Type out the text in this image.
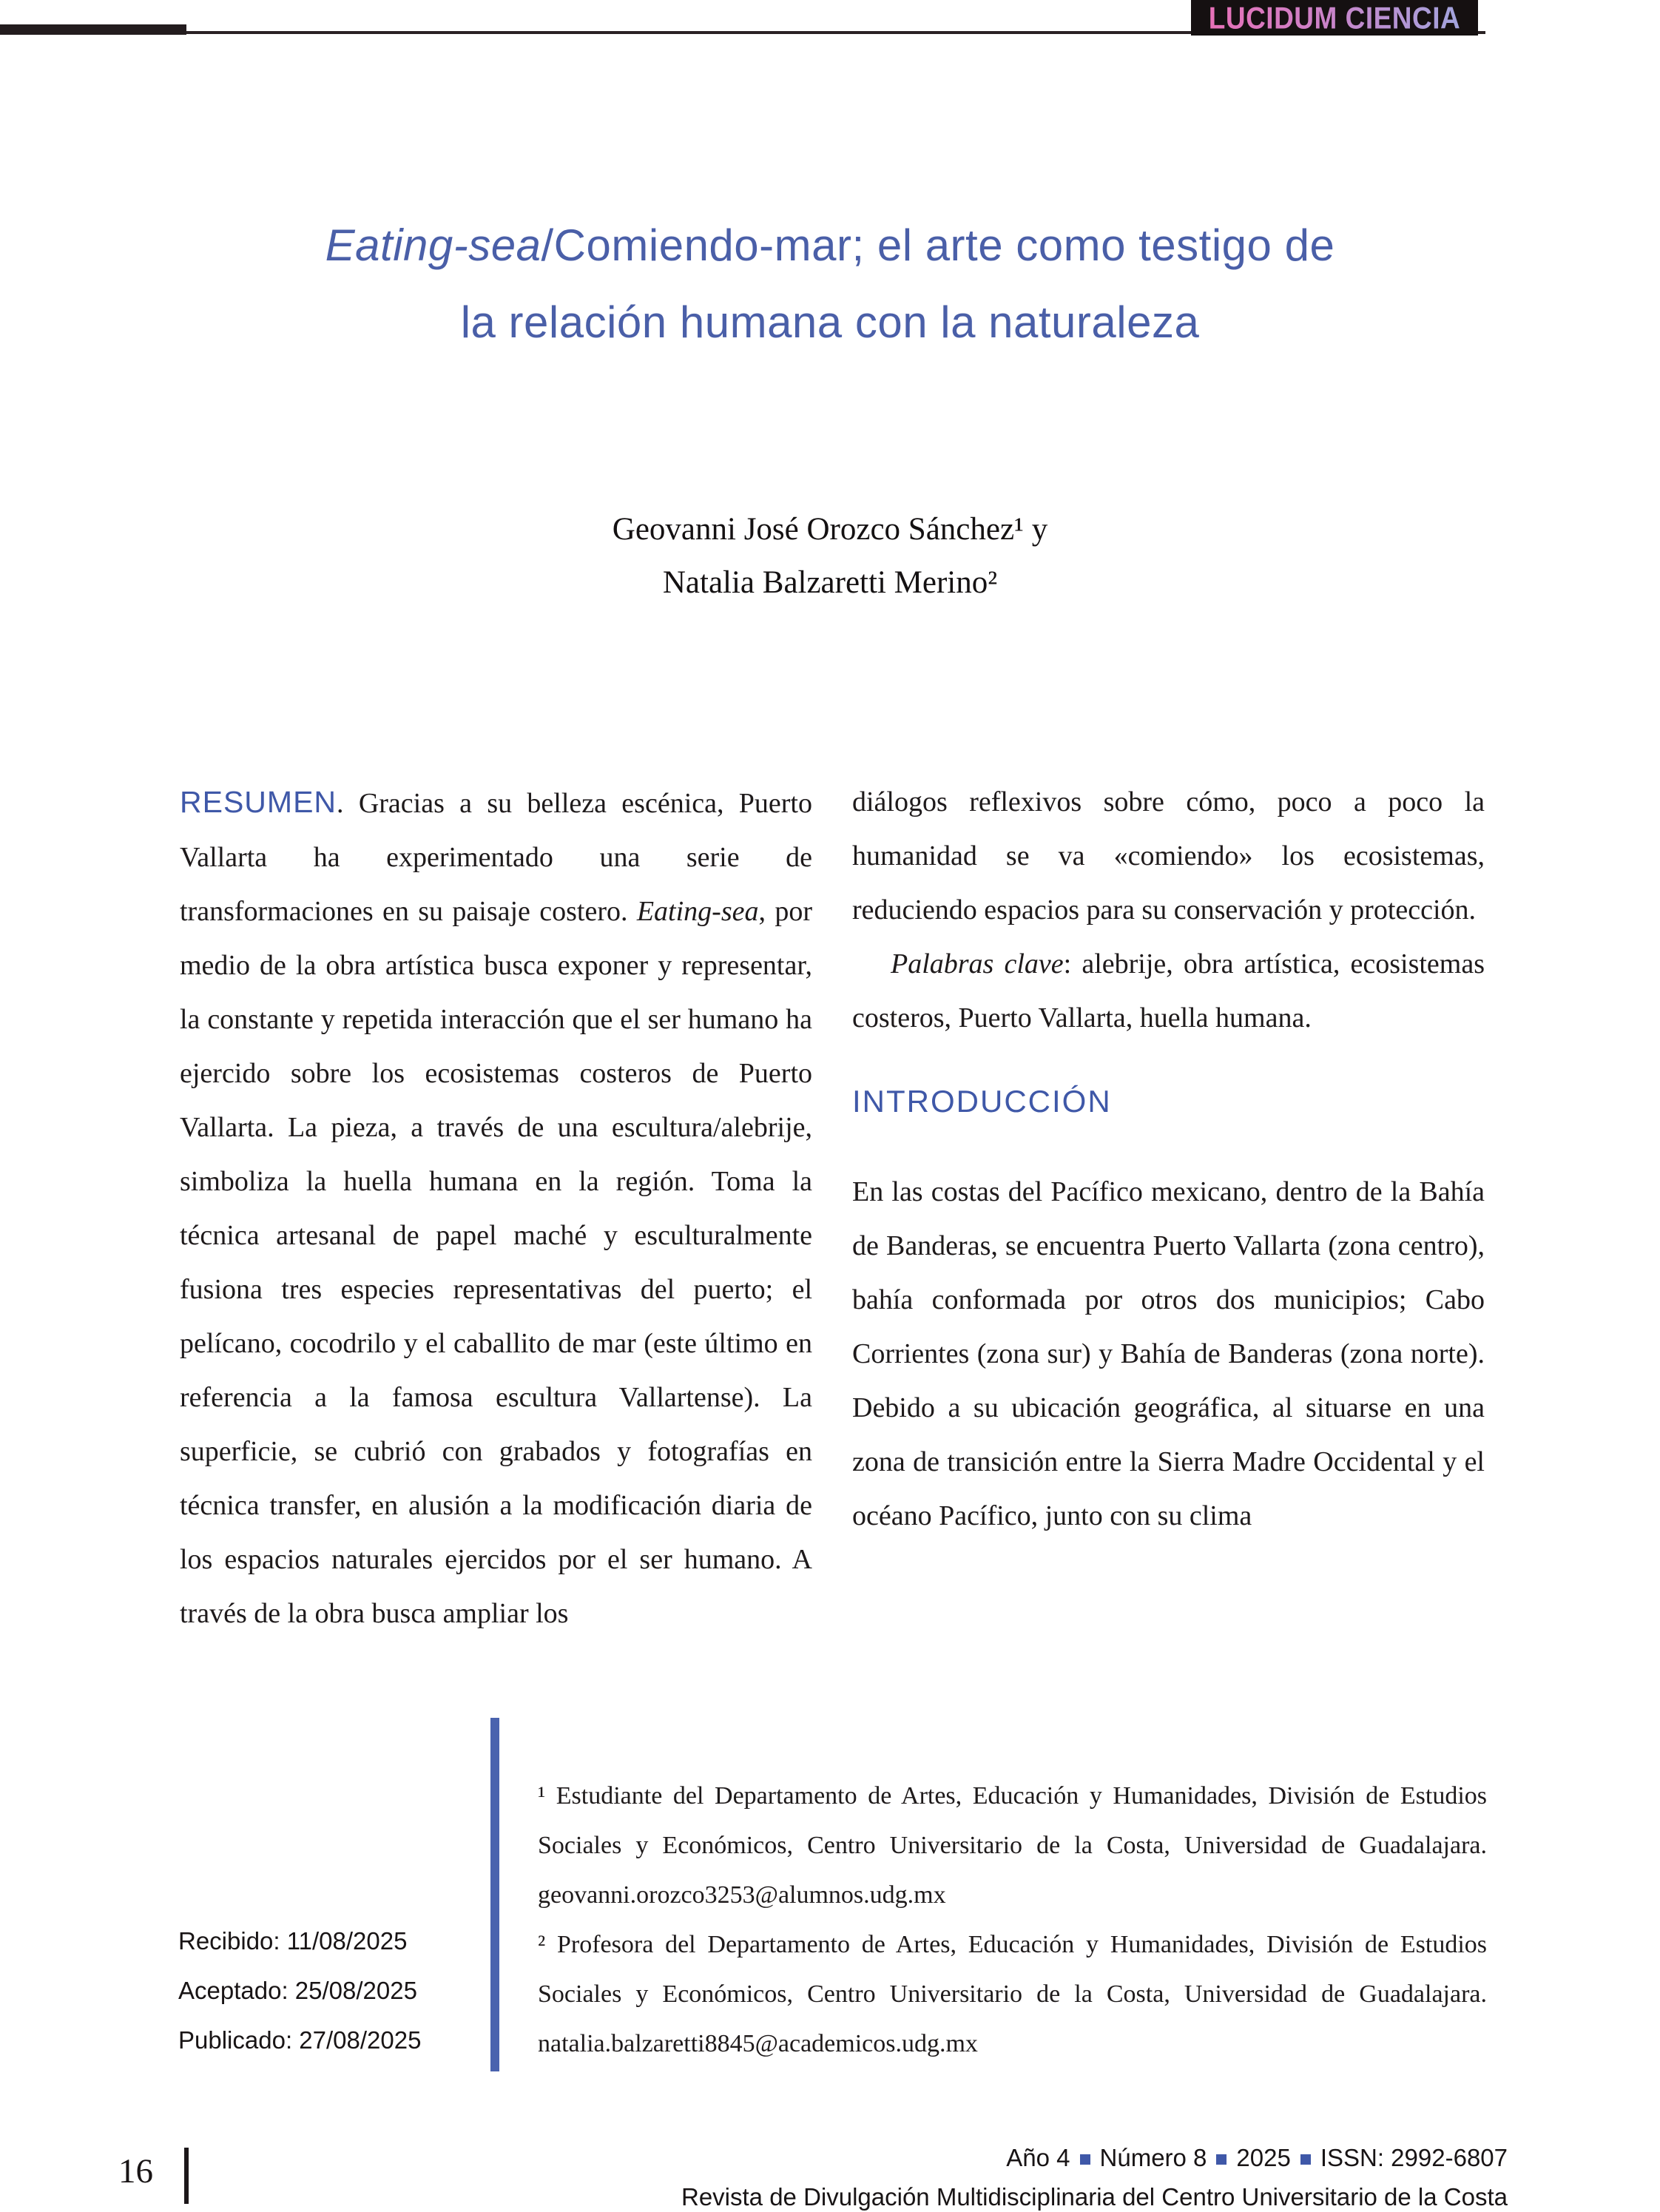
LUCIDUM CIENCIA
Eating-sea/Comiendo-mar; el arte como testigo de
la relación humana con la naturaleza
Geovanni José Orozco Sánchez¹ y
Natalia Balzaretti Merino²

RESUMEN. Gracias a su belleza escénica, Puerto Vallarta ha experimentado una serie de transformaciones en su paisaje costero. Eating-sea, por medio de la obra artística busca exponer y representar, la constante y repetida interacción que el ser humano ha ejercido sobre los ecosistemas costeros de Puerto Vallarta. La pieza, a través de una escultura/alebrije, simboliza la huella humana en la región. Toma la técnica artesanal de papel maché y esculturalmente fusiona tres especies representativas del puerto; el pelícano, cocodrilo y el caballito de mar (este último en referencia a la famosa escultura Vallartense). La superficie, se cubrió con grabados y fotografías en técnica transfer, en alusión a la modificación diaria de los espacios naturales ejercidos por el ser humano. A través de la obra busca ampliar los

diálogos reflexivos sobre cómo, poco a poco la humanidad se va «comiendo» los ecosistemas, reduciendo espacios para su conservación y protección.

Palabras clave: alebrije, obra artística, ecosistemas costeros, Puerto Vallarta, huella humana.

INTRODUCCIÓN

En las costas del Pacífico mexicano, dentro de la Bahía de Banderas, se encuentra Puerto Vallarta (zona centro), bahía conformada por otros dos municipios; Cabo Corrientes (zona sur) y Bahía de Banderas (zona norte). Debido a su ubicación geográfica, al situarse en una zona de transición entre la Sierra Madre Occidental y el océano Pacífico, junto con su clima

Recibido: 11/08/2025
Aceptado: 25/08/2025
Publicado: 27/08/2025

¹ Estudiante del Departamento de Artes, Educación y Humanidades, División de Estudios Sociales y Económicos, Centro Universitario de la Costa, Universidad de Guadalajara. geovanni.orozco3253@alumnos.udg.mx

² Profesora del Departamento de Artes, Educación y Humanidades, División de Estudios Sociales y Económicos, Centro Universitario de la Costa, Universidad de Guadalajara. natalia.balzaretti8845@academicos.udg.mx

16	Año 4 Número 8 2025 ISSN: 2992-6807
Revista de Divulgación Multidisciplinaria del Centro Universitario de la Costa
